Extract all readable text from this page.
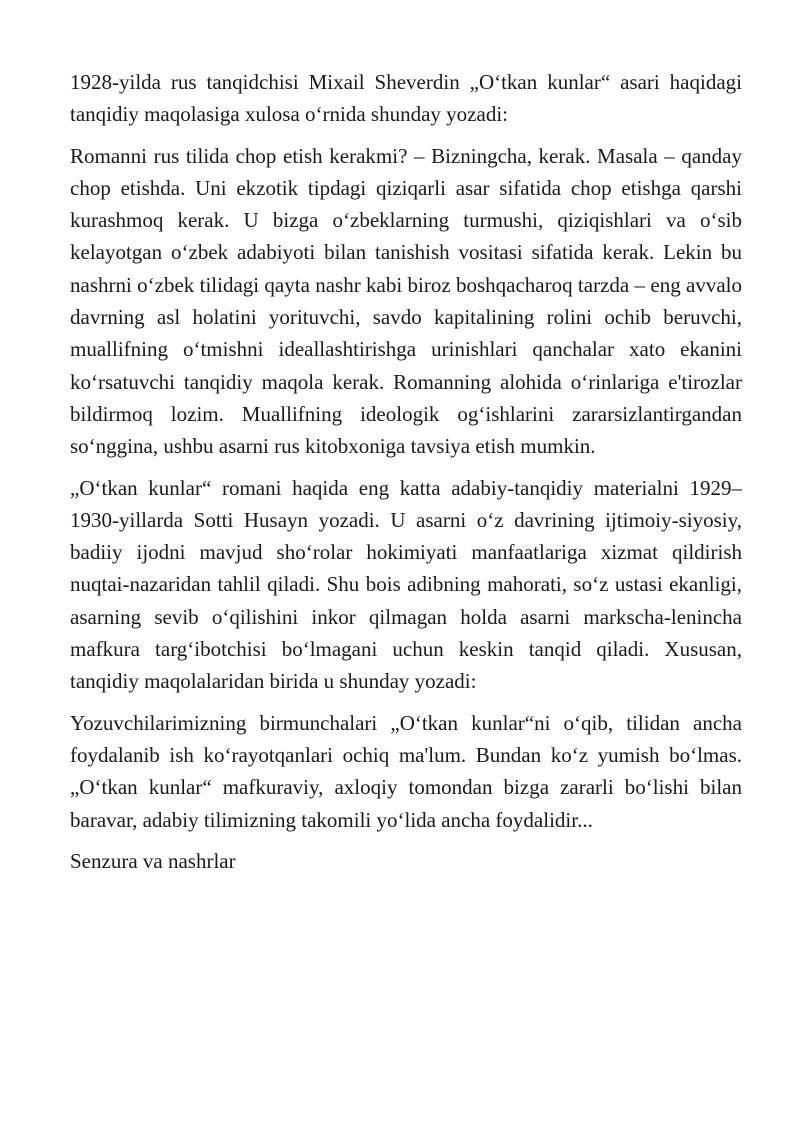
1928-yilda rus tanqidchisi Mixail Sheverdin „O‘tkan kunlar“ asari haqidagi tanqidiy maqolasiga xulosa o‘rnida shunday yozadi:

Romanni rus tilida chop etish kerakmi? – Bizningcha, kerak. Masala – qanday chop etishda. Uni ekzotik tipdagi qiziqarli asar sifatida chop etishga qarshi kurashmoq kerak. U bizga o‘zbeklarning turmushi, qiziqishlari va o‘sib kelayotgan o‘zbek adabiyoti bilan tanishish vositasi sifatida kerak. Lekin bu nashrni o‘zbek tilidagi qayta nashr kabi biroz boshqacharoq tarzda – eng avvalo davrning asl holatini yorituvchi, savdo kapitalining rolini ochib beruvchi, muallifning o‘tmishni ideallashtirishga urinishlari qanchalar xato ekanini ko‘rsatuvchi tanqidiy maqola kerak. Romanning alohida o‘rinlariga e'tirozlar bildirmoq lozim. Muallifning ideologik og‘ishlarini zararsizlantirgandan so‘nggina, ushbu asarni rus kitobxoniga tavsiya etish mumkin.

„O‘tkan kunlar“ romani haqida eng katta adabiy-tanqidiy materialni 1929–1930-yillarda Sotti Husayn yozadi. U asarni o‘z davrining ijtimoiy-siyosiy, badiiy ijodni mavjud sho‘rolar hokimiyati manfaatlariga xizmat qildirish nuqtai-nazaridan tahlil qiladi. Shu bois adibning mahorati, so‘z ustasi ekanligi, asarning sevib o‘qilishini inkor qilmagan holda asarni markscha-lenincha mafkura targ‘ibotchisi bo‘lmagani uchun keskin tanqid qiladi. Xususan, tanqidiy maqolalaridan birida u shunday yozadi:

Yozuvchilarimizning birmunchalari „O‘tkan kunlar“ni o‘qib, tilidan ancha foydalanib ish ko‘rayotqanlari ochiq ma'lum. Bundan ko‘z yumish bo‘lmas. „O‘tkan kunlar“ mafkuraviy, axloqiy tomondan bizga zararli bo‘lishi bilan baravar, adabiy tilimizning takomili yo‘lida ancha foydalidir...

Senzura va nashrlar
